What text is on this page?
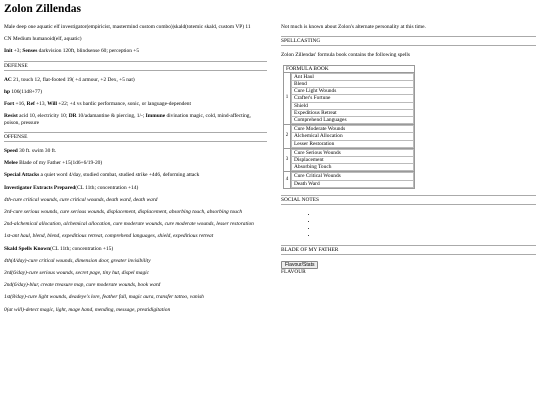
Zolon Zillendas
Male deep one aquatic elf investigator(empiricist, mastermind custom combo)|skald(totemic skald, custom VP) 11
CN Medium humanoid(elf, aquatic)
Init +3; Senses darkvision 120ft, blindsense 60; perception +5
DEFENSE
AC 21, touch 12, flat-footed 19( +4 armour, +2 Dex, +5 nat)
hp 106(11d8+77)
Fort +16, Ref +13, Will +22; +4 vs bardic performance, sonic, or language-dependent
Resist acid 10, electricity 10; DR 10/adamantine & piercing, 1/-; Immune divination magic, cold, mind-affecting, poison, pressure
OFFENSE
Speed 30 ft. swim 30 ft.
Melee Blade of my Father +15(1d6+6/19-20)
Special Attacks a quiet word 4/day, studied combat, studied strike +4d6, deforming attack
Investigator Extracts Prepared(CL 11th; concentration +14)
4th-cure critical wounds, cure critical wounds, death ward, death ward
3rd-cure serious wounds, cure serious wounds, displacement, displacement, absorbing touch, absorbing touch
2nd-alchemical allocation, alchemical allocation, cure moderate wounds, cure moderate wounds, lesser restoration
1st-ant haul, blend, blend, expeditious retreat, comprehend languages, shield, expeditious retreat
Skald Spells Known(CL 11th; concentration +15)
4th(4/day)-cure critical wounds, dimension door, greater invisibility
3rd(6/day)-cure serious wounds, secret page, tiny hut, dispel magic
2nd(6/day)-blur, create treasure map, cure moderate wounds, book ward
1st(8/day)-cure light wounds, deadeye's lore, feather fall, magic aura, transfer tattoo, vanish
0(at will)-detect magic, light, mage hand, mending, message, prestidigitation
Not much is known about Zolon's alternate personality at this time.
SPELLCASTING
Zolon Zillendas' formula book contains the following spells
FORMULA BOOK
1
Ant Haul
Blend
Cure Light Wounds
Crafter's Fortune
Shield
Expeditious Retreat
Comprehend Languages
2
Cure Moderate Wounds
Alchemical Allocation
Lesser Restoration
3
Cure Serious Wounds
Displacement
Absorbing Touch
4
Cure Critical Wounds
Death Ward
SOCIAL NOTES
•
•
•
•
BLADE OF MY FATHER
Flavour/Stats
FLAVOUR
